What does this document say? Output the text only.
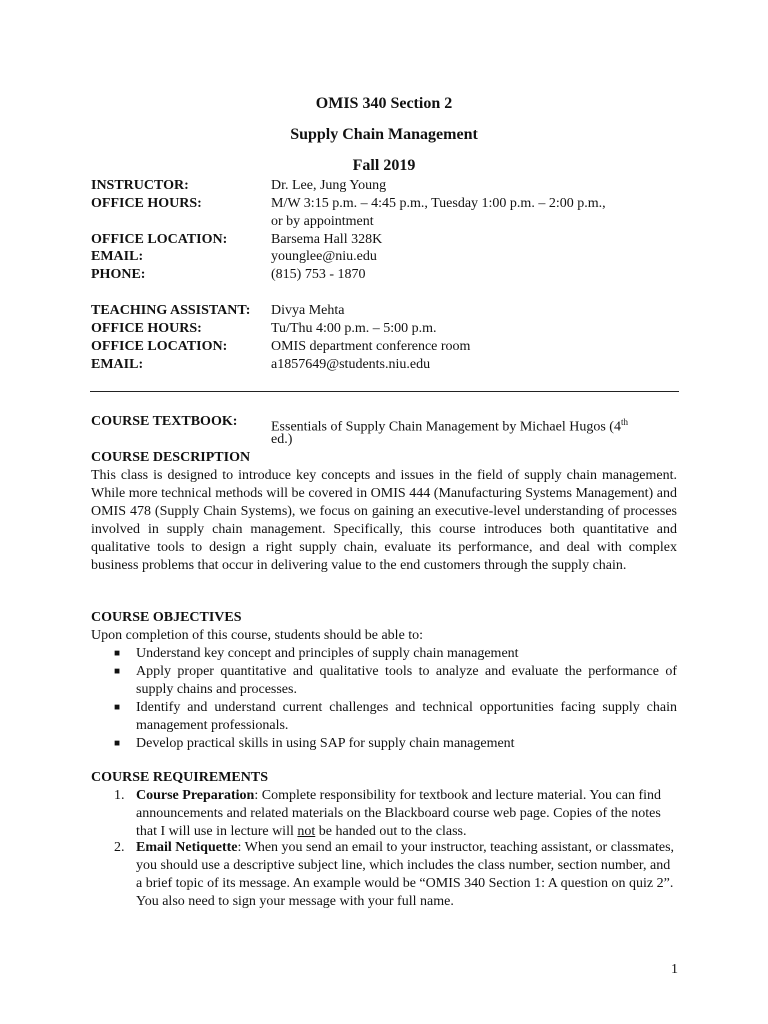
OMIS 340 Section 2
Supply Chain Management
Fall 2019
INSTRUCTOR:	Dr. Lee, Jung Young
OFFICE HOURS:	M/W 3:15 p.m. – 4:45 p.m., Tuesday 1:00 p.m. – 2:00 p.m.,
or by appointment
OFFICE LOCATION:	Barsema Hall 328K
EMAIL:	younglee@niu.edu
PHONE:	(815) 753 - 1870
TEACHING ASSISTANT:	Divya Mehta
OFFICE HOURS:	Tu/Thu 4:00 p.m. – 5:00 p.m.
OFFICE LOCATION:	OMIS department conference room
EMAIL:	a1857649@students.niu.edu
COURSE TEXTBOOK:	Essentials of Supply Chain Management by Michael Hugos (4th
ed.)
COURSE DESCRIPTION
This class is designed to introduce key concepts and issues in the field of supply chain management. While more technical methods will be covered in OMIS 444 (Manufacturing Systems Management) and OMIS 478 (Supply Chain Systems), we focus on gaining an executive-level understanding of processes involved in supply chain management. Specifically, this course introduces both quantitative and qualitative tools to design a right supply chain, evaluate its performance, and deal with complex business problems that occur in delivering value to the end customers through the supply chain.
COURSE OBJECTIVES
Upon completion of this course, students should be able to:
■ Understand key concept and principles of supply chain management
■ Apply proper quantitative and qualitative tools to analyze and evaluate the performance of supply chains and processes.
■ Identify and understand current challenges and technical opportunities facing supply chain management professionals.
■ Develop practical skills in using SAP for supply chain management
COURSE REQUIREMENTS
1. Course Preparation: Complete responsibility for textbook and lecture material. You can find announcements and related materials on the Blackboard course web page. Copies of the notes that I will use in lecture will not be handed out to the class.
2. Email Netiquette: When you send an email to your instructor, teaching assistant, or classmates, you should use a descriptive subject line, which includes the class number, section number, and a brief topic of its message. An example would be “OMIS 340 Section 1: A question on quiz 2”. You also need to sign your message with your full name.
1
